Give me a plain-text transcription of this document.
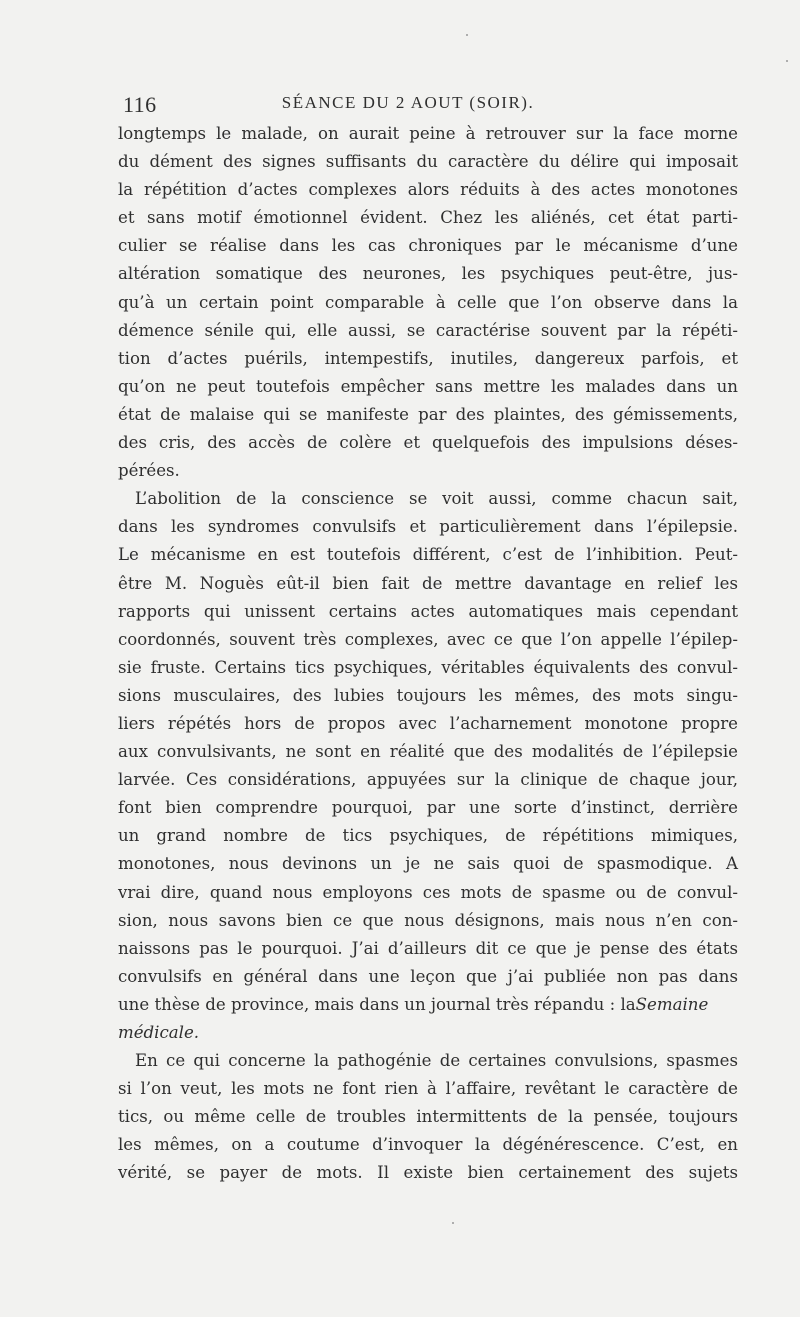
116	SÉANCE DU 2 AOUT (SOIR).
longtemps le malade, on aurait peine à retrouver sur la face morne
du dément des signes suffisants du caractère du délire qui imposait
la répétition d’actes complexes alors réduits à des actes monotones
et sans motif émotionnel évident. Chez les aliénés, cet état parti-
culier se réalise dans les cas chroniques par le mécanisme d’une
altération somatique des neurones, les psychiques peut-être, jus-
qu’à un certain point comparable à celle que l’on observe dans la
démence sénile qui, elle aussi, se caractérise souvent par la répéti-
tion d’actes puérils, intempestifs, inutiles, dangereux parfois, et
qu’on ne peut toutefois empêcher sans mettre les malades dans un
état de malaise qui se manifeste par des plaintes, des gémissements,
des cris, des accès de colère et quelquefois des impulsions déses-
pérées.
L’abolition de la conscience se voit aussi, comme chacun sait,
dans les syndromes convulsifs et particulièrement dans l’épilepsie.
Le mécanisme en est toutefois différent, c’est de l’inhibition. Peut-
être M. Noguès eût-il bien fait de mettre davantage en relief les
rapports qui unissent certains actes automatiques mais cependant
coordonnés, souvent très complexes, avec ce que l’on appelle l’épilep-
sie fruste. Certains tics psychiques, véritables équivalents des convul-
sions musculaires, des lubies toujours les mêmes, des mots singu-
liers répétés hors de propos avec l’acharnement monotone propre
aux convulsivants, ne sont en réalité que des modalités de l’épilepsie
larvée. Ces considérations, appuyées sur la clinique de chaque jour,
font bien comprendre pourquoi, par une sorte d’instinct, derrière
un grand nombre de tics psychiques, de répétitions mimiques,
monotones, nous devinons un je ne sais quoi de spasmodique. A
vrai dire, quand nous employons ces mots de spasme ou de convul-
sion, nous savons bien ce que nous désignons, mais nous n’en con-
naissons pas le pourquoi. J’ai d’ailleurs dit ce que je pense des états
convulsifs en général dans une leçon que j’ai publiée non pas dans
une thèse de province, mais dans un journal très répandu : laSemaine
médicale.
En ce qui concerne la pathogénie de certaines convulsions, spasmes
si l’on veut, les mots ne font rien à l’affaire, revêtant le caractère de
tics, ou même celle de troubles intermittents de la pensée, toujours
les mêmes, on a coutume d’invoquer la dégénérescence. C’est, en
vérité, se payer de mots. Il existe bien certainement des sujets
